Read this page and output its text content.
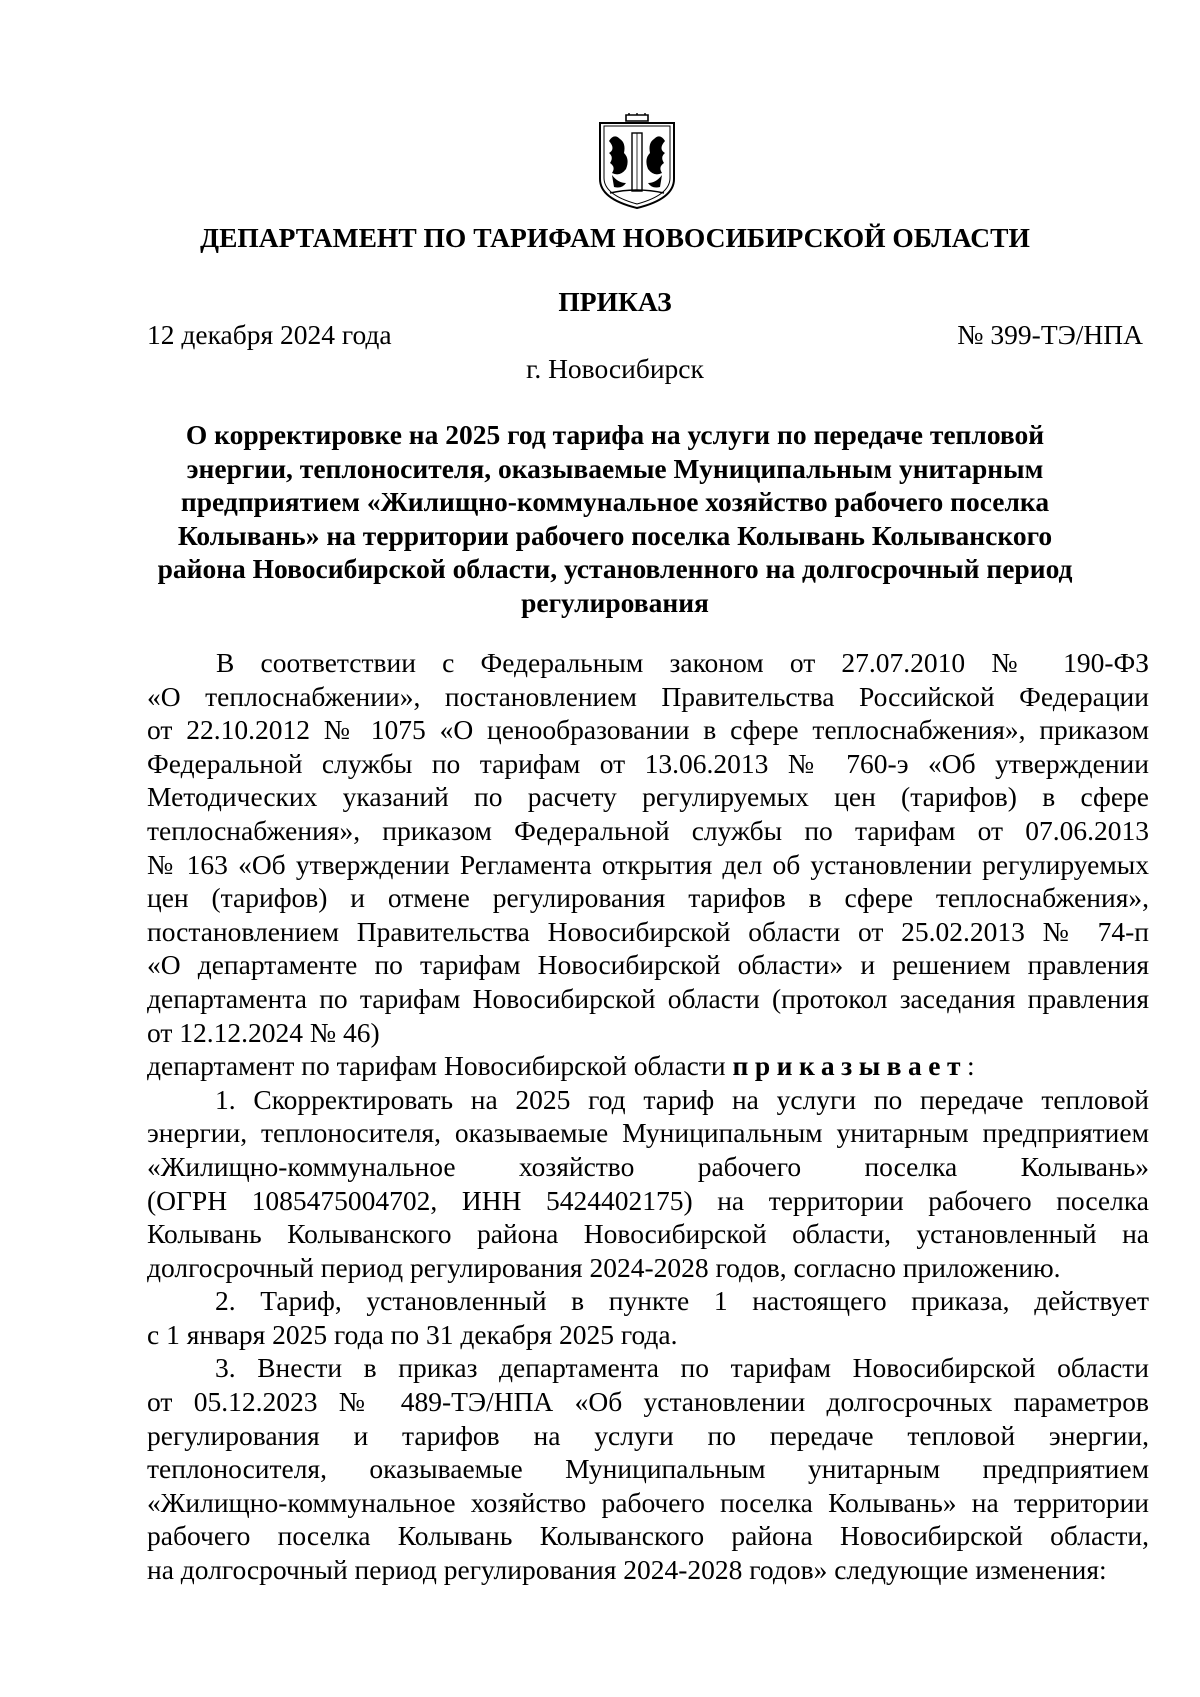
ДЕПАРТАМЕНТ ПО ТАРИФАМ НОВОСИБИРСКОЙ ОБЛАСТИ
ПРИКАЗ
12 декабря 2024 года	№ 399-ТЭ/НПА
г. Новосибирск
О корректировке на 2025 год тарифа на услуги по передаче тепловой
энергии, теплоносителя, оказываемые Муниципальным унитарным
предприятием «Жилищно-коммунальное хозяйство рабочего поселка
Колывань» на территории рабочего поселка Колывань Колыванского
района Новосибирской области, установленного на долгосрочный период
регулирования
В соответствии с Федеральным законом от 27.07.2010 № 190-ФЗ
«О теплоснабжении», постановлением Правительства Российской Федерации
от 22.10.2012 № 1075 «О ценообразовании в сфере теплоснабжения», приказом
Федеральной службы по тарифам от 13.06.2013 № 760-э «Об утверждении
Методических указаний по расчету регулируемых цен (тарифов) в сфере
теплоснабжения», приказом Федеральной службы по тарифам от 07.06.2013
№ 163 «Об утверждении Регламента открытия дел об установлении регулируемых
цен (тарифов) и отмене регулирования тарифов в сфере теплоснабжения»,
постановлением Правительства Новосибирской области от 25.02.2013 № 74-п
«О департаменте по тарифам Новосибирской области» и решением правления
департамента по тарифам Новосибирской области (протокол заседания правления
от 12.12.2024 № 46)
департамент по тарифам Новосибирской области приказывает:
1. Скорректировать на 2025 год тариф на услуги по передаче тепловой
энергии, теплоносителя, оказываемые Муниципальным унитарным предприятием
«Жилищно-коммунальное хозяйство рабочего поселка Колывань»
(ОГРН 1085475004702, ИНН 5424402175) на территории рабочего поселка
Колывань Колыванского района Новосибирской области, установленный на
долгосрочный период регулирования 2024-2028 годов, согласно приложению.
2. Тариф, установленный в пункте 1 настоящего приказа, действует
с 1 января 2025 года по 31 декабря 2025 года.
3. Внести в приказ департамента по тарифам Новосибирской области
от 05.12.2023 № 489-ТЭ/НПА «Об установлении долгосрочных параметров
регулирования и тарифов на услуги по передаче тепловой энергии,
теплоносителя, оказываемые Муниципальным унитарным предприятием
«Жилищно-коммунальное хозяйство рабочего поселка Колывань» на территории
рабочего поселка Колывань Колыванского района Новосибирской области,
на долгосрочный период регулирования 2024-2028 годов» следующие изменения:
